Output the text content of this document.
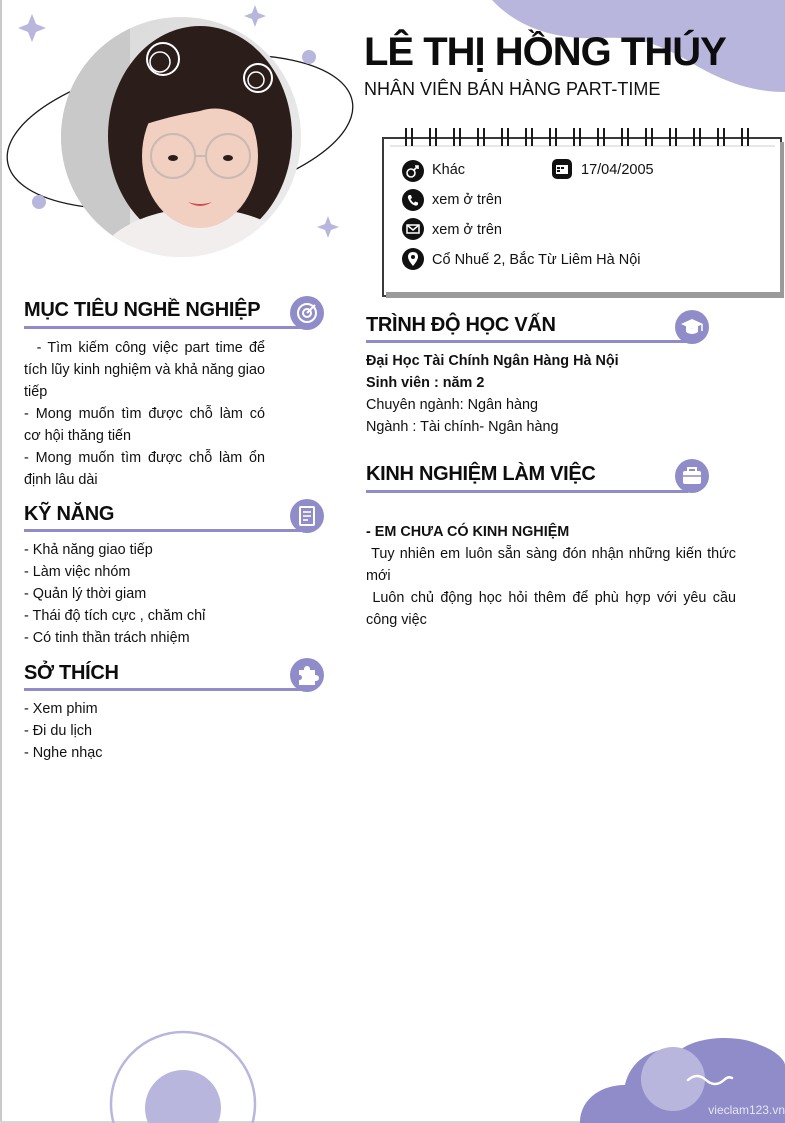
LÊ THỊ HỒNG THÚY
NHÂN VIÊN BÁN HÀNG PART-TIME
Khác	17/04/2005
xem ở trên
xem ở trên
Cổ Nhuế 2, Bắc Từ Liêm Hà Nội
MỤC TIÊU NGHỀ NGHIỆP
- Tìm kiếm công việc part time để tích lũy kinh nghiệm và khả năng giao tiếp
- Mong muốn tìm được chỗ làm có cơ hội thăng tiến
- Mong muốn tìm được chỗ làm ổn định lâu dài
KỸ NĂNG
- Khả năng giao tiếp
- Làm việc nhóm
- Quản lý thời giam
- Thái độ tích cực , chăm chỉ
- Có tinh thần trách nhiệm
SỞ THÍCH
- Xem phim
- Đi du lịch
- Nghe nhạc
TRÌNH ĐỘ HỌC VẤN
Đại Học Tài Chính Ngân Hàng Hà Nội
Sinh viên : năm 2
Chuyên ngành: Ngân hàng
Ngành : Tài chính- Ngân hàng
KINH NGHIỆM LÀM VIỆC
- EM CHƯA CÓ KINH NGHIỆM
Tuy nhiên em luôn sẵn sàng đón nhận những kiến thức mới
Luôn chủ động học hỏi thêm để phù hợp với yêu cầu công việc
vieclam123.vn
